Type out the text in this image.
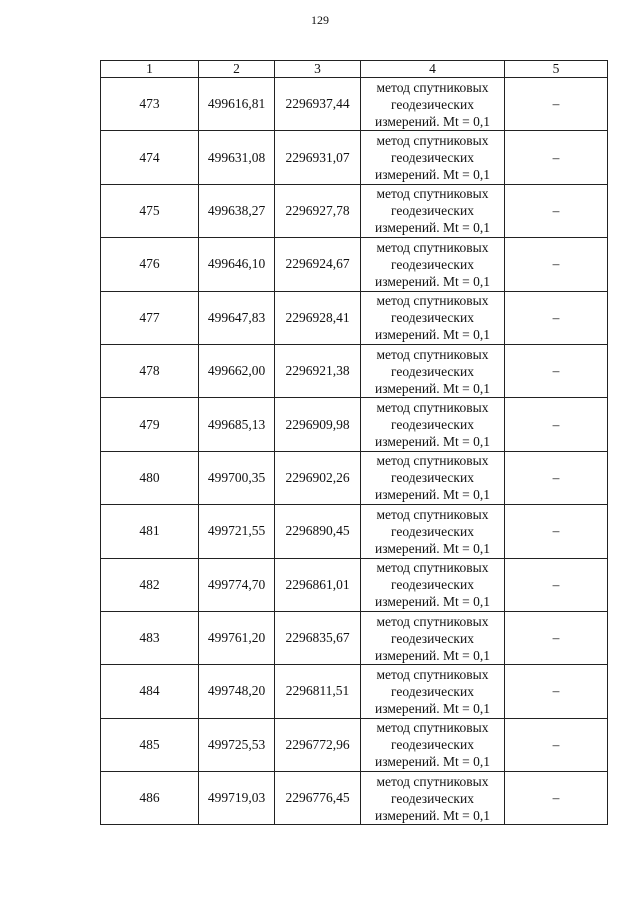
129
1	2	3	4	5
473	499616,81	2296937,44	метод спутниковых
геодезических
измерений. Mt = 0,1	–
474	499631,08	2296931,07	метод спутниковых
геодезических
измерений. Mt = 0,1	–
475	499638,27	2296927,78	метод спутниковых
геодезических
измерений. Mt = 0,1	–
476	499646,10	2296924,67	метод спутниковых
геодезических
измерений. Mt = 0,1	–
477	499647,83	2296928,41	метод спутниковых
геодезических
измерений. Mt = 0,1	–
478	499662,00	2296921,38	метод спутниковых
геодезических
измерений. Mt = 0,1	–
479	499685,13	2296909,98	метод спутниковых
геодезических
измерений. Mt = 0,1	–
480	499700,35	2296902,26	метод спутниковых
геодезических
измерений. Mt = 0,1	–
481	499721,55	2296890,45	метод спутниковых
геодезических
измерений. Mt = 0,1	–
482	499774,70	2296861,01	метод спутниковых
геодезических
измерений. Mt = 0,1	–
483	499761,20	2296835,67	метод спутниковых
геодезических
измерений. Mt = 0,1	–
484	499748,20	2296811,51	метод спутниковых
геодезических
измерений. Mt = 0,1	–
485	499725,53	2296772,96	метод спутниковых
геодезических
измерений. Mt = 0,1	–
486	499719,03	2296776,45	метод спутниковых
геодезических
измерений. Mt = 0,1	–
